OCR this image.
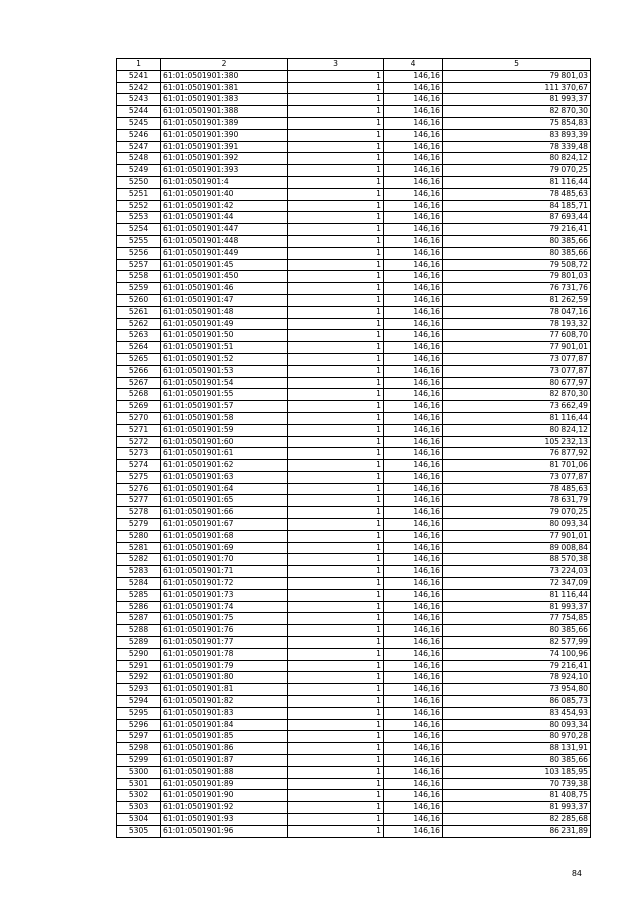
1	2	3	4	5
5241	61:01:0501901:380	1	146,16	79 801,03
5242	61:01:0501901:381	1	146,16	111 370,67
5243	61:01:0501901:383	1	146,16	81 993,37
5244	61:01:0501901:388	1	146,16	82 870,30
5245	61:01:0501901:389	1	146,16	75 854,83
5246	61:01:0501901:390	1	146,16	83 893,39
5247	61:01:0501901:391	1	146,16	78 339,48
5248	61:01:0501901:392	1	146,16	80 824,12
5249	61:01:0501901:393	1	146,16	79 070,25
5250	61:01:0501901:4	1	146,16	81 116,44
5251	61:01:0501901:40	1	146,16	78 485,63
5252	61:01:0501901:42	1	146,16	84 185,71
5253	61:01:0501901:44	1	146,16	87 693,44
5254	61:01:0501901:447	1	146,16	79 216,41
5255	61:01:0501901:448	1	146,16	80 385,66
5256	61:01:0501901:449	1	146,16	80 385,66
5257	61:01:0501901:45	1	146,16	79 508,72
5258	61:01:0501901:450	1	146,16	79 801,03
5259	61:01:0501901:46	1	146,16	76 731,76
5260	61:01:0501901:47	1	146,16	81 262,59
5261	61:01:0501901:48	1	146,16	78 047,16
5262	61:01:0501901:49	1	146,16	78 193,32
5263	61:01:0501901:50	1	146,16	77 608,70
5264	61:01:0501901:51	1	146,16	77 901,01
5265	61:01:0501901:52	1	146,16	73 077,87
5266	61:01:0501901:53	1	146,16	73 077,87
5267	61:01:0501901:54	1	146,16	80 677,97
5268	61:01:0501901:55	1	146,16	82 870,30
5269	61:01:0501901:57	1	146,16	73 662,49
5270	61:01:0501901:58	1	146,16	81 116,44
5271	61:01:0501901:59	1	146,16	80 824,12
5272	61:01:0501901:60	1	146,16	105 232,13
5273	61:01:0501901:61	1	146,16	76 877,92
5274	61:01:0501901:62	1	146,16	81 701,06
5275	61:01:0501901:63	1	146,16	73 077,87
5276	61:01:0501901:64	1	146,16	78 485,63
5277	61:01:0501901:65	1	146,16	78 631,79
5278	61:01:0501901:66	1	146,16	79 070,25
5279	61:01:0501901:67	1	146,16	80 093,34
5280	61:01:0501901:68	1	146,16	77 901,01
5281	61:01:0501901:69	1	146,16	89 008,84
5282	61:01:0501901:70	1	146,16	88 570,38
5283	61:01:0501901:71	1	146,16	73 224,03
5284	61:01:0501901:72	1	146,16	72 347,09
5285	61:01:0501901:73	1	146,16	81 116,44
5286	61:01:0501901:74	1	146,16	81 993,37
5287	61:01:0501901:75	1	146,16	77 754,85
5288	61:01:0501901:76	1	146,16	80 385,66
5289	61:01:0501901:77	1	146,16	82 577,99
5290	61:01:0501901:78	1	146,16	74 100,96
5291	61:01:0501901:79	1	146,16	79 216,41
5292	61:01:0501901:80	1	146,16	78 924,10
5293	61:01:0501901:81	1	146,16	73 954,80
5294	61:01:0501901:82	1	146,16	86 085,73
5295	61:01:0501901:83	1	146,16	83 454,93
5296	61:01:0501901:84	1	146,16	80 093,34
5297	61:01:0501901:85	1	146,16	80 970,28
5298	61:01:0501901:86	1	146,16	88 131,91
5299	61:01:0501901:87	1	146,16	80 385,66
5300	61:01:0501901:88	1	146,16	103 185,95
5301	61:01:0501901:89	1	146,16	70 739,38
5302	61:01:0501901:90	1	146,16	81 408,75
5303	61:01:0501901:92	1	146,16	81 993,37
5304	61:01:0501901:93	1	146,16	82 285,68
5305	61:01:0501901:96	1	146,16	86 231,89
84
